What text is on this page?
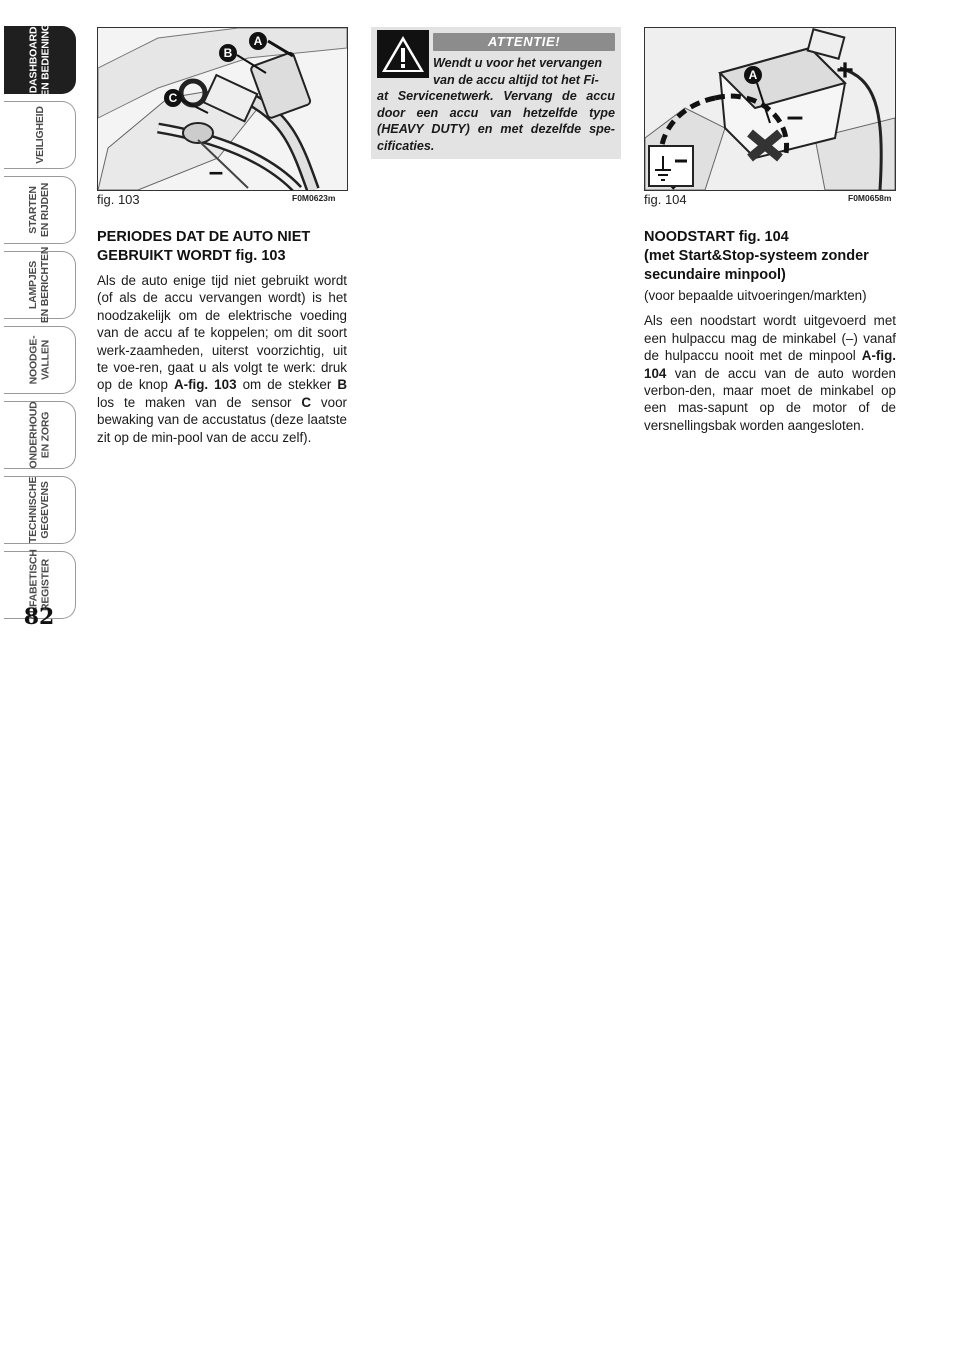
DASHBOARD
EN BEDIENING
VEILIGHEID
STARTEN
EN RIJDEN
LAMPJES
EN BERICHTEN
NOODGE-
VALLEN
ONDERHOUD
EN ZORG
TECHNISCHE
GEGEVENS
ALFABETISCH
REGISTER
82
A
B
C
–
fig. 103	F0M0623m
ATTENTIE!
Wendt u voor het vervangen
van de accu altijd tot het Fi-
at Servicenetwerk. Vervang de accu door een accu van hetzelfde type (HEAVY DUTY) en met dezelfde spe-cificaties.
A	+
–
fig. 104	F0M0658m

PERIODES DAT DE AUTO NIET GEBRUIKT WORDT fig. 103

Als de auto enige tijd niet gebruikt wordt (of als de accu vervangen wordt) is het noodzakelijk om de elektrische voeding van de accu af te koppelen; om dit soort werk-zaamheden, uiterst voorzichtig, uit te voe-ren, gaat u als volgt te werk: druk op de knop A-fig. 103 om de stekker B los te maken van de sensor C voor bewaking van de accustatus (deze laatste zit op de min-pool van de accu zelf).

NOODSTART fig. 104
(met Start&Stop-systeem zonder secundaire minpool)

(voor bepaalde uitvoeringen/markten)

Als een noodstart wordt uitgevoerd met een hulpaccu mag de minkabel (–) vanaf de hulpaccu nooit met de minpool A-fig. 104 van de accu van de auto worden verbon-den, maar moet de minkabel op een mas-sapunt op de motor of de versnellingsbak worden aangesloten.
